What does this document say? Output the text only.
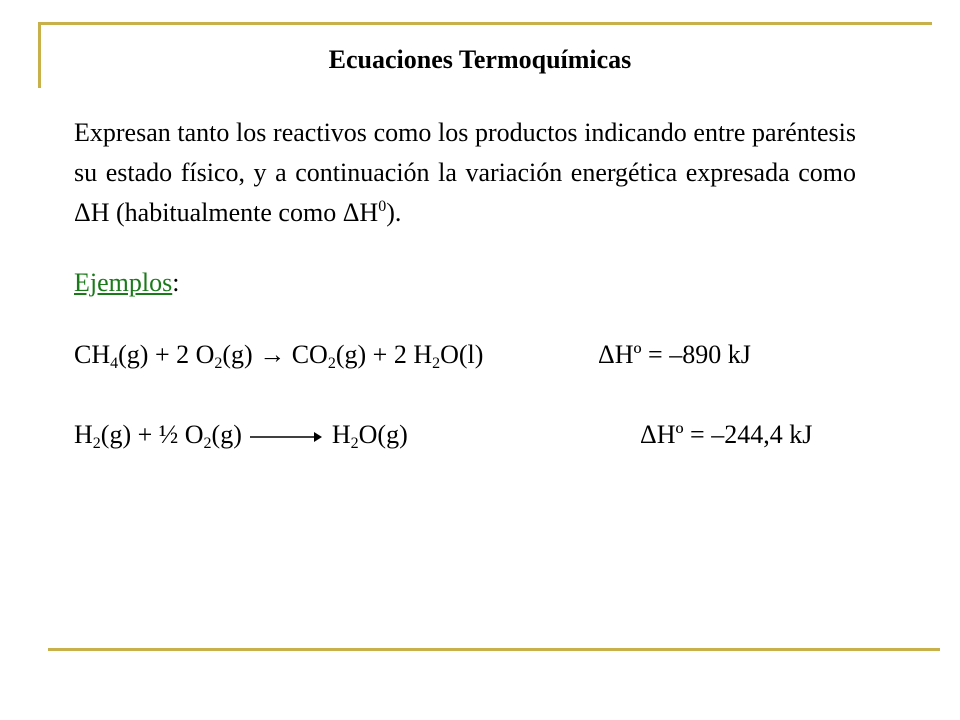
Ecuaciones Termoquímicas

Expresan tanto los reactivos como los productos indicando entre paréntesis su estado físico, y a continuación la variación energética expresada como ΔH (habitualmente como $\Delta H^0$).

Ejemplos:
$CH_4(g) + 2$ $O_2(g) \to CO_2(g) + 2$ $H_2O(l)$	ΔHº = –890 kJ
$H_2(g)$ + ½ $O_2(g)$	$H_2O(g)$	ΔHº = –244,4 kJ
